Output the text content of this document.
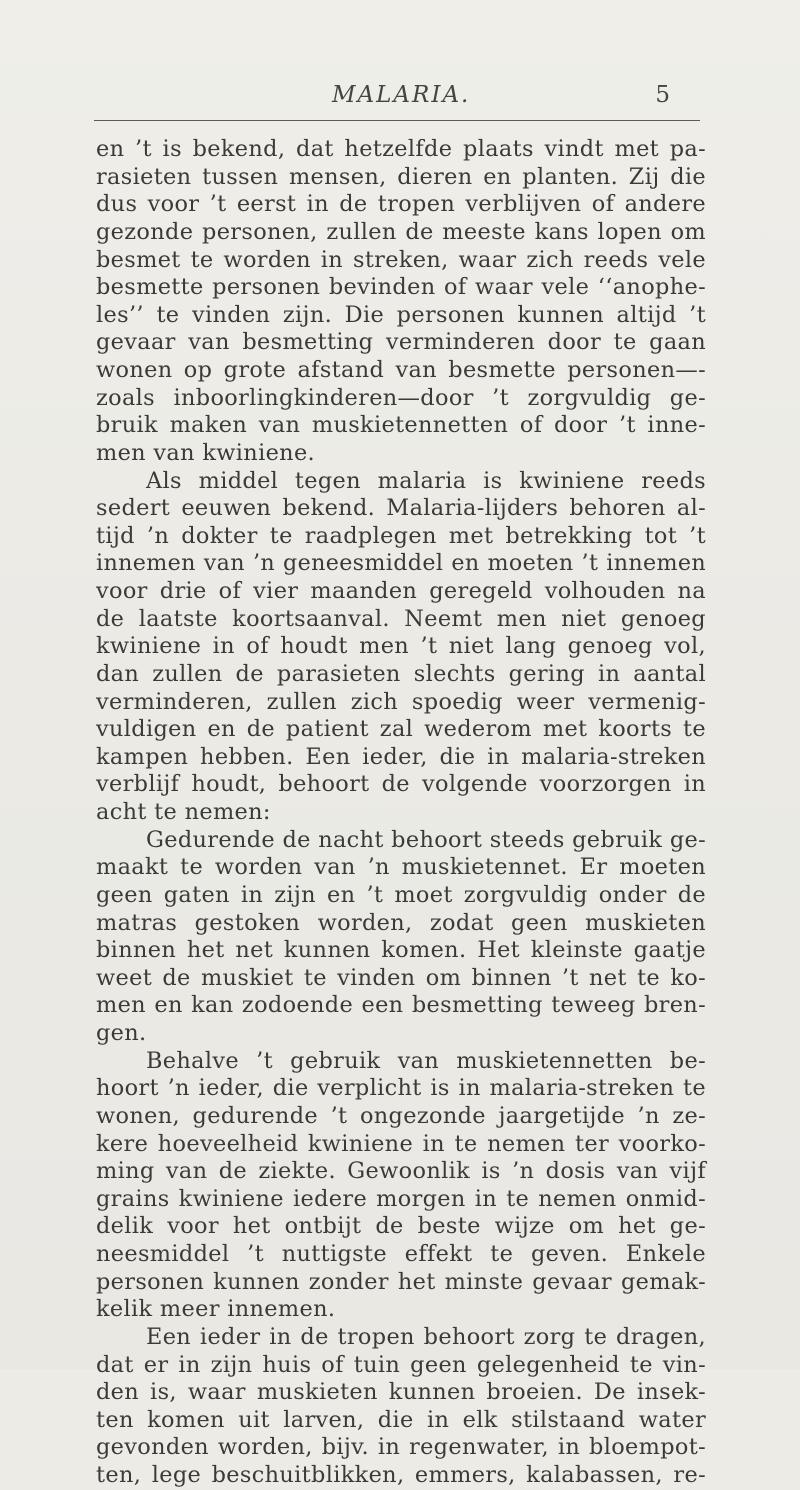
MALARIA.	5
en ’t is bekend, dat hetzelfde plaats vindt met pa-
rasieten tussen mensen, dieren en planten. Zij die
dus voor ’t eerst in de tropen verblijven of andere
gezonde personen, zullen de meeste kans lopen om
besmet te worden in streken, waar zich reeds vele
besmette personen bevinden of waar vele ‘‘anophe-
les’’ te vinden zijn. Die personen kunnen altijd ’t
gevaar van besmetting verminderen door te gaan
wonen op grote afstand van besmette personen—-
zoals inboorlingkinderen—door ’t zorgvuldig ge-
bruik maken van muskietennetten of door ’t inne-
men van kwiniene.
Als middel tegen malaria is kwiniene reeds
sedert eeuwen bekend. Malaria-lijders behoren al-
tijd ’n dokter te raadplegen met betrekking tot ’t
innemen van ’n geneesmiddel en moeten ’t innemen
voor drie of vier maanden geregeld volhouden na
de laatste koortsaanval. Neemt men niet genoeg
kwiniene in of houdt men ’t niet lang genoeg vol,
dan zullen de parasieten slechts gering in aantal
verminderen, zullen zich spoedig weer vermenig-
vuldigen en de patient zal wederom met koorts te
kampen hebben. Een ieder, die in malaria-streken
verblijf houdt, behoort de volgende voorzorgen in
acht te nemen:
Gedurende de nacht behoort steeds gebruik ge-
maakt te worden van ’n muskietennet. Er moeten
geen gaten in zijn en ’t moet zorgvuldig onder de
matras gestoken worden, zodat geen muskieten
binnen het net kunnen komen. Het kleinste gaatje
weet de muskiet te vinden om binnen ’t net te ko-
men en kan zodoende een besmetting teweeg bren-
gen.
Behalve ’t gebruik van muskietennetten be-
hoort ’n ieder, die verplicht is in malaria-streken te
wonen, gedurende ’t ongezonde jaargetijde ’n ze-
kere hoeveelheid kwiniene in te nemen ter voorko-
ming van de ziekte. Gewoonlik is ’n dosis van vijf
grains kwiniene iedere morgen in te nemen onmid-
delik voor het ontbijt de beste wijze om het ge-
neesmiddel ’t nuttigste effekt te geven. Enkele
personen kunnen zonder het minste gevaar gemak-
kelik meer innemen.
Een ieder in de tropen behoort zorg te dragen,
dat er in zijn huis of tuin geen gelegenheid te vin-
den is, waar muskieten kunnen broeien. De insek-
ten komen uit larven, die in elk stilstaand water
gevonden worden, bijv. in regenwater, in bloempot-
ten, lege beschuitblikken, emmers, kalabassen, re-
